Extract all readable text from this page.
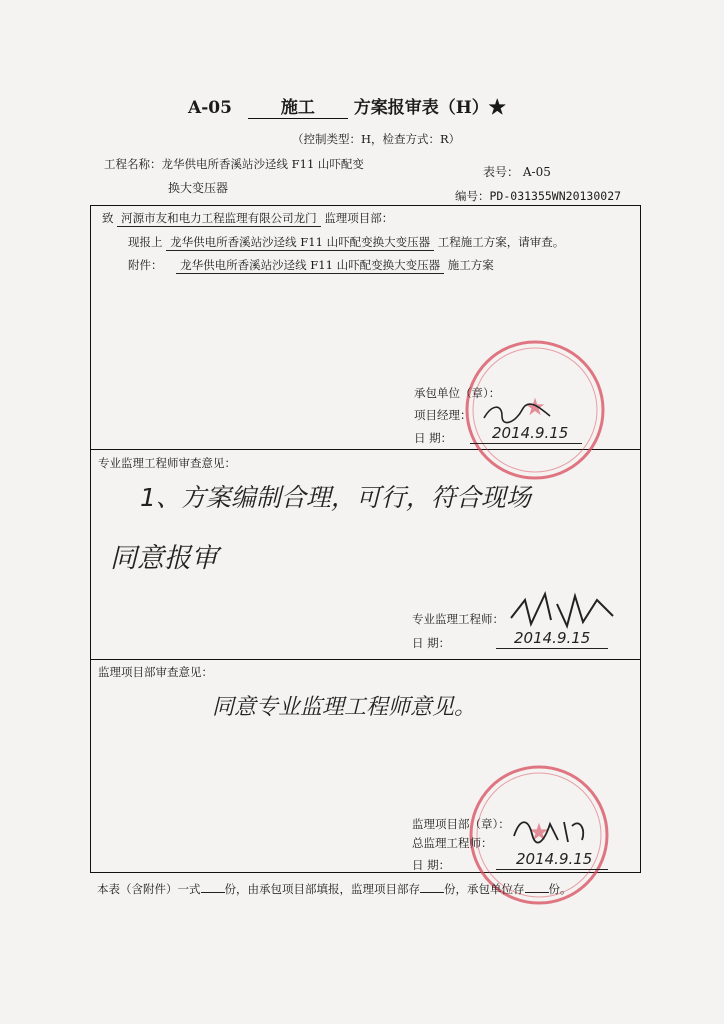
A-05	施工 方案报审表（H）★
（控制类型：H，检查方式：R）
工程名称：龙华供电所香溪站沙迳线 F11 山吓配变
换大变压器
表号： A-05
编号：PD-031355WN20130027
致 河源市友和电力工程监理有限公司龙门 监理项目部：
现报上 龙华供电所香溪站沙迳线 F11 山吓配变换大变压器 工程施工方案，请审查。
附件： 龙华供电所香溪站沙迳线 F11 山吓配变换大变压器 施工方案
★
承包单位（章）：
项目经理：
日 期：	2014.9.15
专业监理工程师审查意见：
1、方案编制合理，可行，符合现场
同意报审
专业监理工程师：
日 期：	2014.9.15
监理项目部审查意见：
同意专业监理工程师意见。
★
监理项目部（章）：
总监理工程师：
日 期：	2014.9.15
本表（含附件）一式 份，由承包项目部填报，监理项目部存 份，承包单位存 份。
